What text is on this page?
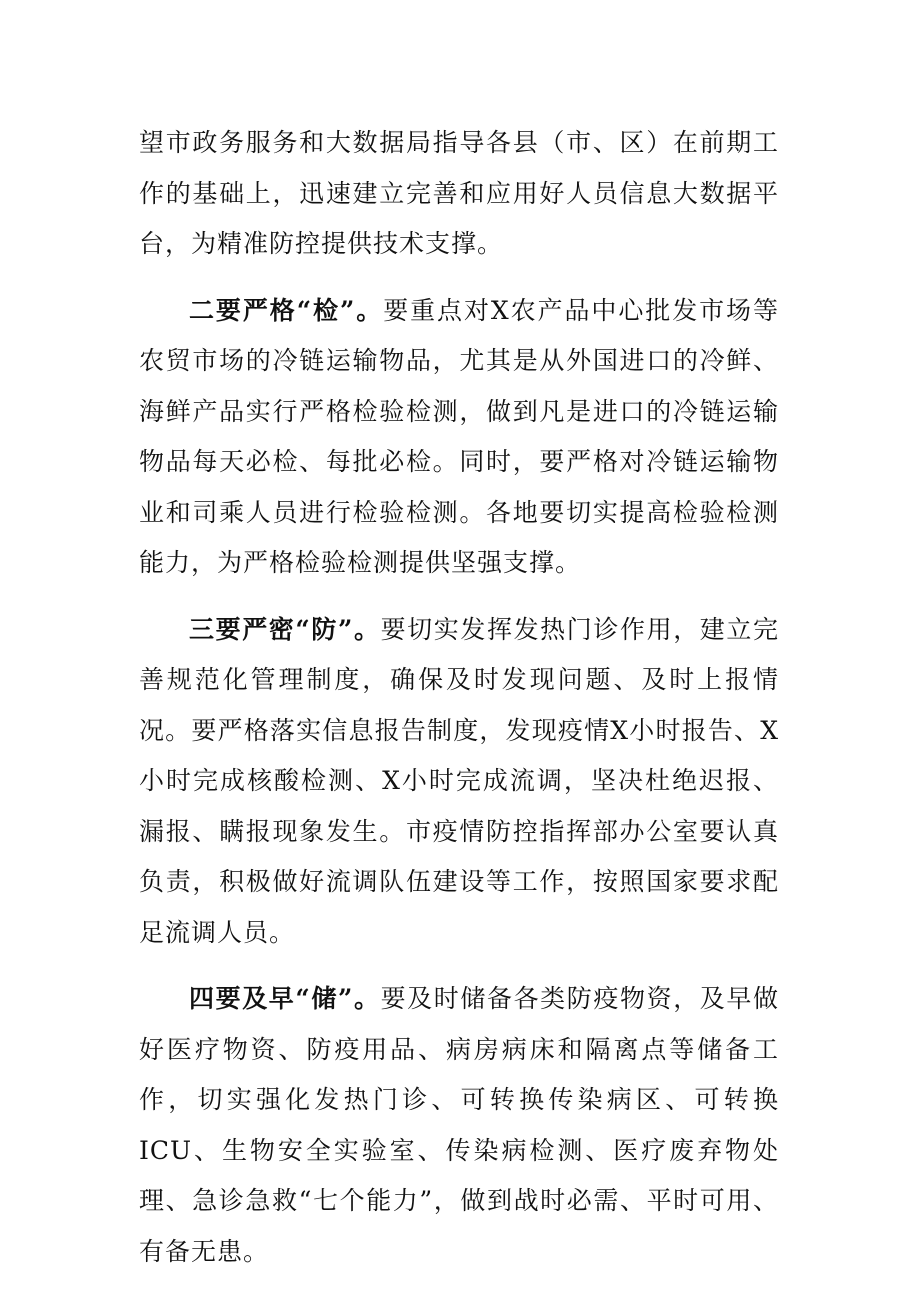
望市政务服务和大数据局指导各县（市、区）在前期工作的基础上，迅速建立完善和应用好人员信息大数据平台，为精准防控提供技术支撑。

二要严格“检”。要重点对X农产品中心批发市场等农贸市场的冷链运输物品，尤其是从外国进口的冷鲜、海鲜产品实行严格检验检测，做到凡是进口的冷链运输物品每天必检、每批必检。同时，要严格对冷链运输物业和司乘人员进行检验检测。各地要切实提高检验检测能力，为严格检验检测提供坚强支撑。

三要严密“防”。要切实发挥发热门诊作用，建立完善规范化管理制度，确保及时发现问题、及时上报情况。要严格落实信息报告制度，发现疫情X小时报告、X小时完成核酸检测、X小时完成流调，坚决杜绝迟报、漏报、瞒报现象发生。市疫情防控指挥部办公室要认真负责，积极做好流调队伍建设等工作，按照国家要求配足流调人员。

四要及早“储”。要及时储备各类防疫物资，及早做好医疗物资、防疫用品、病房病床和隔离点等储备工作，切实强化发热门诊、可转换传染病区、可转换ICU、生物安全实验室、传染病检测、医疗废弃物处理、急诊急救“七个能力”，做到战时必需、平时可用、有备无患。
